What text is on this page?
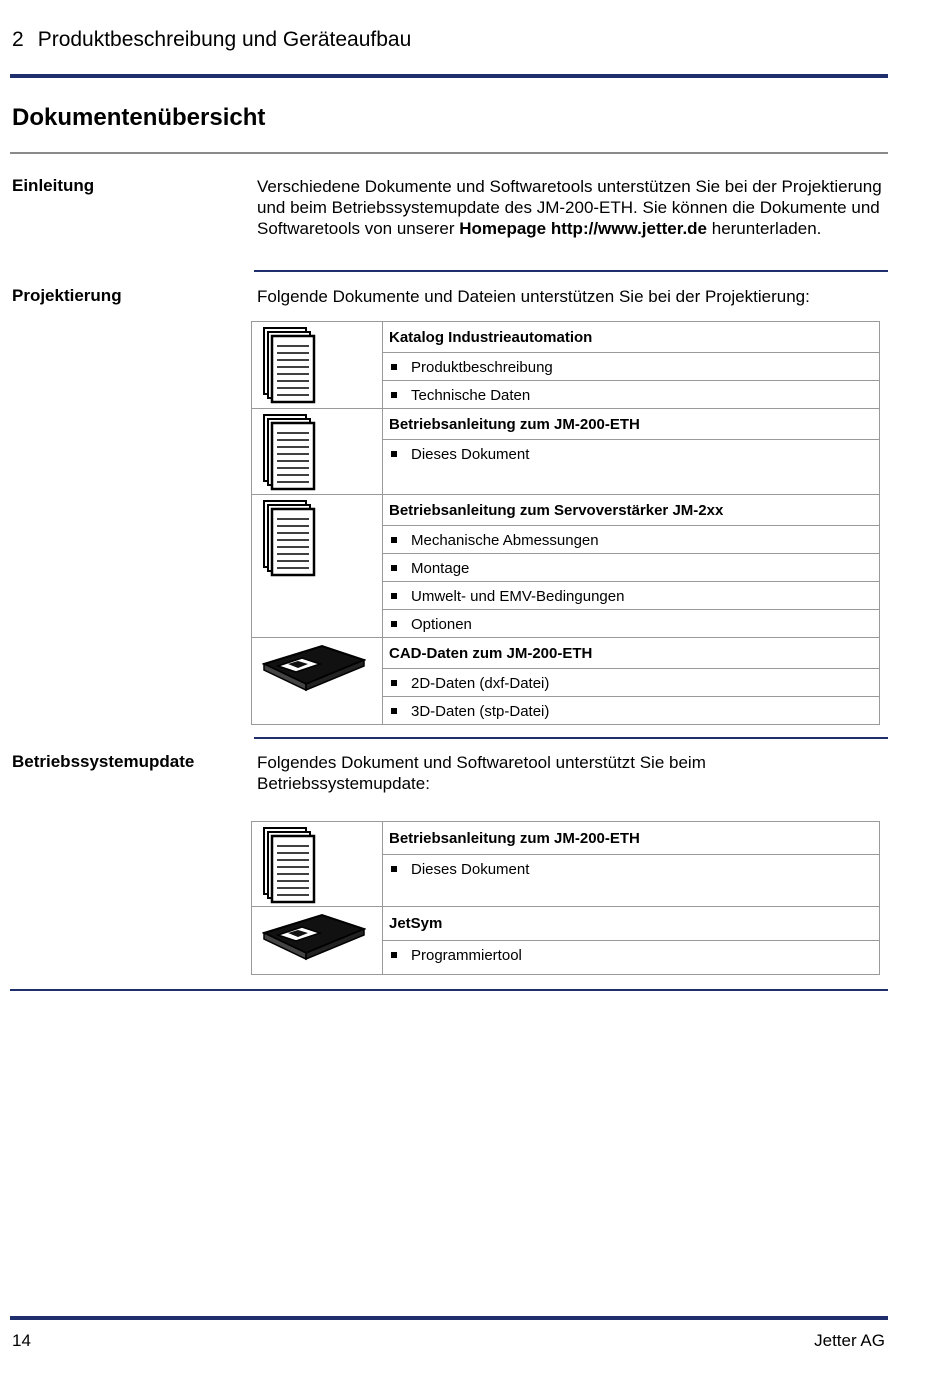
2 Produktbeschreibung und Geräteaufbau
Dokumentenübersicht
Einleitung	Verschiedene Dokumente und Softwaretools unterstützen Sie bei der Projektierung und beim Betriebssystemupdate des JM-200-ETH. Sie können die Dokumente und Softwaretools von unserer Homepage http://www.jetter.de herunterladen.
Projektierung	Folgende Dokumente und Dateien unterstützen Sie bei der Projektierung:
	Katalog Industrieautomation
	Produktbeschreibung
	Technische Daten

	Betriebsanleitung zum JM-200-ETH
	Dieses Dokument

	Betriebsanleitung zum Servoverstärker JM-2xx
	Mechanische Abmessungen
	Montage
	Umwelt- und EMV-Bedingungen
	Optionen

	CAD-Daten zum JM-200-ETH
	2D-Daten (dxf-Datei)
	3D-Daten (stp-Datei)
Betriebssystemupdate	Folgendes Dokument und Softwaretool unterstützt Sie beim Betriebssystemupdate:
	Betriebsanleitung zum JM-200-ETH
	Dieses Dokument

	JetSym
	Programmiertool
14	Jetter AG
